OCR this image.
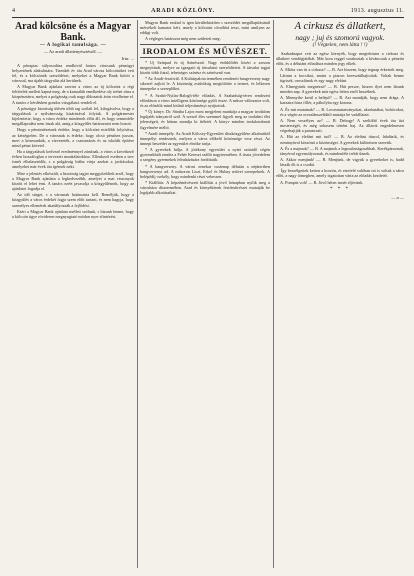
4	ARADI KÖZLÖNY.	1913. augusztus 11.
Arad kölcsöne és a Magyar Bank.
— A logikai tanulsága. —
— Az aradi állattenyésztésről. —
Irta: ...

A pénzpiac súlyosodása rendkívül fontos városunk pénzügyi helyzetének alakulására. Tizenkét év óta Arad városa kölcsönöket vett fel, és a kölcsönök szerződései, melyeket a Magyar Bank kötött a várossal, ma újabb tárgyalás alá kerülnek.

A Magyar Bank ajánlata szerint a város az új kölcsönt a régi feltételek mellett kapná meg, de a kamatláb emelkedése oly terhet róna a közpénztárra, melyet a polgárság csak nagy áldozatok árán viselhetne el. A tanács e kérdésben gondos vizsgálatot rendelt el.

A pénzügyi bizottság ülésén több tag szólalt fel, kifogásolva, hogy a tárgyalások a nyilvánosság kizárásával folytak. A polgármester kijelentette, hogy a város érdeke mindenek előtt áll, és hogy semmiféle megállapodást nem írnak alá, amíg a közgyűlés határozatot nem hozott.

Hogy a pénzintézetnek érdeke, hogy a kölcsönt mielőbb folyósítsa, az kétségtelen. De a városnak is érdeke, hogy olcsó pénzhez jusson, mert a közmunkák, a vízvezeték, a csatornázás és az iskolák építése mind pénzt követel.

Ha a tárgyalások kedvező eredménnyel zárulnak, a város a következő évben hozzáfoghat a tervezett munkálatokhoz. Ellenkező esetben a terv ismét elhalasztódik, s a polgárság hiába várja azokat a javításokat, amelyeket már évek óta ígérnek neki.

Mire a jelentés elkészült, a bizottság tagjai meggyőződtek arról, hogy a Magyar Bank ajánlata a legkedvezőbb, amelyet a mai viszonyok között el lehet érni. A tanács ezért javasolja a közgyűlésnek, hogy az ajánlatot fogadja el.

Az idő sürget, s a városnak határoznia kell. Reméljük, hogy a közgyűlés a város érdekét fogja szem előtt tartani, és nem hagyja, hogy személyes ellentétek akadályozzák a fejlődést.

Ezért a Magyar Bank ajánlata mellett szólunk, s bízunk benne, hogy a kölcsön ügye rövidesen megnyugtató módon nyer elintézést.

Magyar Bank ezúttal is igen körültekintően s szerződés megállapításánál mérsékelt kamatot kért, amely a kölcsönt olcsóbbá teszi, mint amilyen az eddigi volt.

A végleges határozat még nem született meg.

IRODALOM ÉS MŰVÉSZET.

* Uj Színpad és új Színésznő. Nagy érdeklődés kíséri a szezon megnyitását, melyre az igazgató új társulatot szerződtetett. A társulat tagjai között több fiatal, tehetséges színész és színésznő van.

* Az Aradi-fesztivál. A Kultúrpalota termében rendezett hangverseny nagy sikerrel zajlott le. A közönség zsúfolásig megtöltötte a termet, és lelkesen ünnepelte a szereplőket.

* A Szabó-Nyilas-Balogh-féle előadás. A Szabadság-téren rendezett előadáson a város intelligens közönsége gyűlt össze. A műsor változatos volt, és az előadók mind kitűnő teljesítményt nyújtottak.

* Új könyv. Dr. Sántha Lajos most megjelent munkája a magyar irodalom legújabb irányairól szól. A szerző éles szemmel figyeli meg az irodalmi élet jelenségeit, és bátran mondja ki ítéletét. A könyv minden irodalombarát figyelmére méltó.

* Aradi ünnepély. Az Aradi Kölcsey-Egyesület díszközgyűlése alkalmából ünnepélyt rendeznek, melyen a város előkelő közönsége vesz részt. Az ünnepi beszédet az egyesület elnöke tartja.

* A gyerekek bálja. A jótékony egyesület a nyári szünidő végén gyermekbált rendez a Fehér Kereszt szálló nagytermében. A tiszta jövedelem a szegény gyermekek felruházására fordíttatik.

* A hangverseny. A városi zenekar vasárnap délután a népkertben hangversenyt ad. A műsoron Liszt, Erkel és Hubay művei szerepelnek. A belépődíj csekély, hogy mindenki részt vehessen.

* Kiállítás. A képzőművészeti kiállítás a jövő hónapban nyílik meg a városháza dísztermében. Arad és környékének festőművészei mutatják be legújabb alkotásaikat.

A cirkusz és állatkert,
nagy ; juj és szomorú vagyok.
(! Végtelen, nem látta ! !)

Szabadnapot vett az egész környék, hogy megtekintse a cirkusz és állatkert vendégjátékát. Már kora reggel sorakoztak a kíváncsiak a pénztár előtt, és a délutáni előadásra minden jegy elkelt.

A. Mióta van itt a cirkusz? — B. Azt hiszem, hogy tegnap érkeztek meg. Láttam a kocsikat, amint a piacon keresztülhajtottak. Voltak benne tigrisek, oroszlánok és egy nagy elefánt.

A. Elmegyünk megnézni? — B. Hát persze, hiszen ilyet nem látunk minden nap. A gyerekek már egész héten erről beszélnek.

A. Mennyibe kerül a belépő? — B. Azt mondják, hogy nem drága. A karzatra húsz fillér, a páholyba egy korona.

A. És mit mutatnak? — B. Lovasmutatványokat, akrobatákat, bohócokat, és a végén az oroszlánszelídítő mutatja be vadállatait.

A. Nem veszélyes az? — B. Dehogy! A szelídítő évek óta űzi mesterségét, és még sohasem történt baj. Az állatok engedelmesen végrehajtják a parancsait.

A. Hát az elefánt mit tud? — B. Az elefánt táncol, labdázik, és ormányával köszönti a közönséget. A gyerekek különösen szeretik.

A. És a majmok? — B. A majmok a legmulatságosabbak. Kerékpároznak, tányérral egyensúlyoznak, és mindenféle tréfát űznek.

A. Akkor menjünk! — B. Menjünk, de vigyük a gyerekeket is, hadd lássák ők is a csodát.

Így beszélgettek ketten a korzón, és estefelé valóban ott is voltak a sátor előtt, a nagy tömegben, amely izgatottan várta az előadás kezdetét.

A. Pompás volt! — B. Jövő héten ismét eljövünk.

* * *
— a —
